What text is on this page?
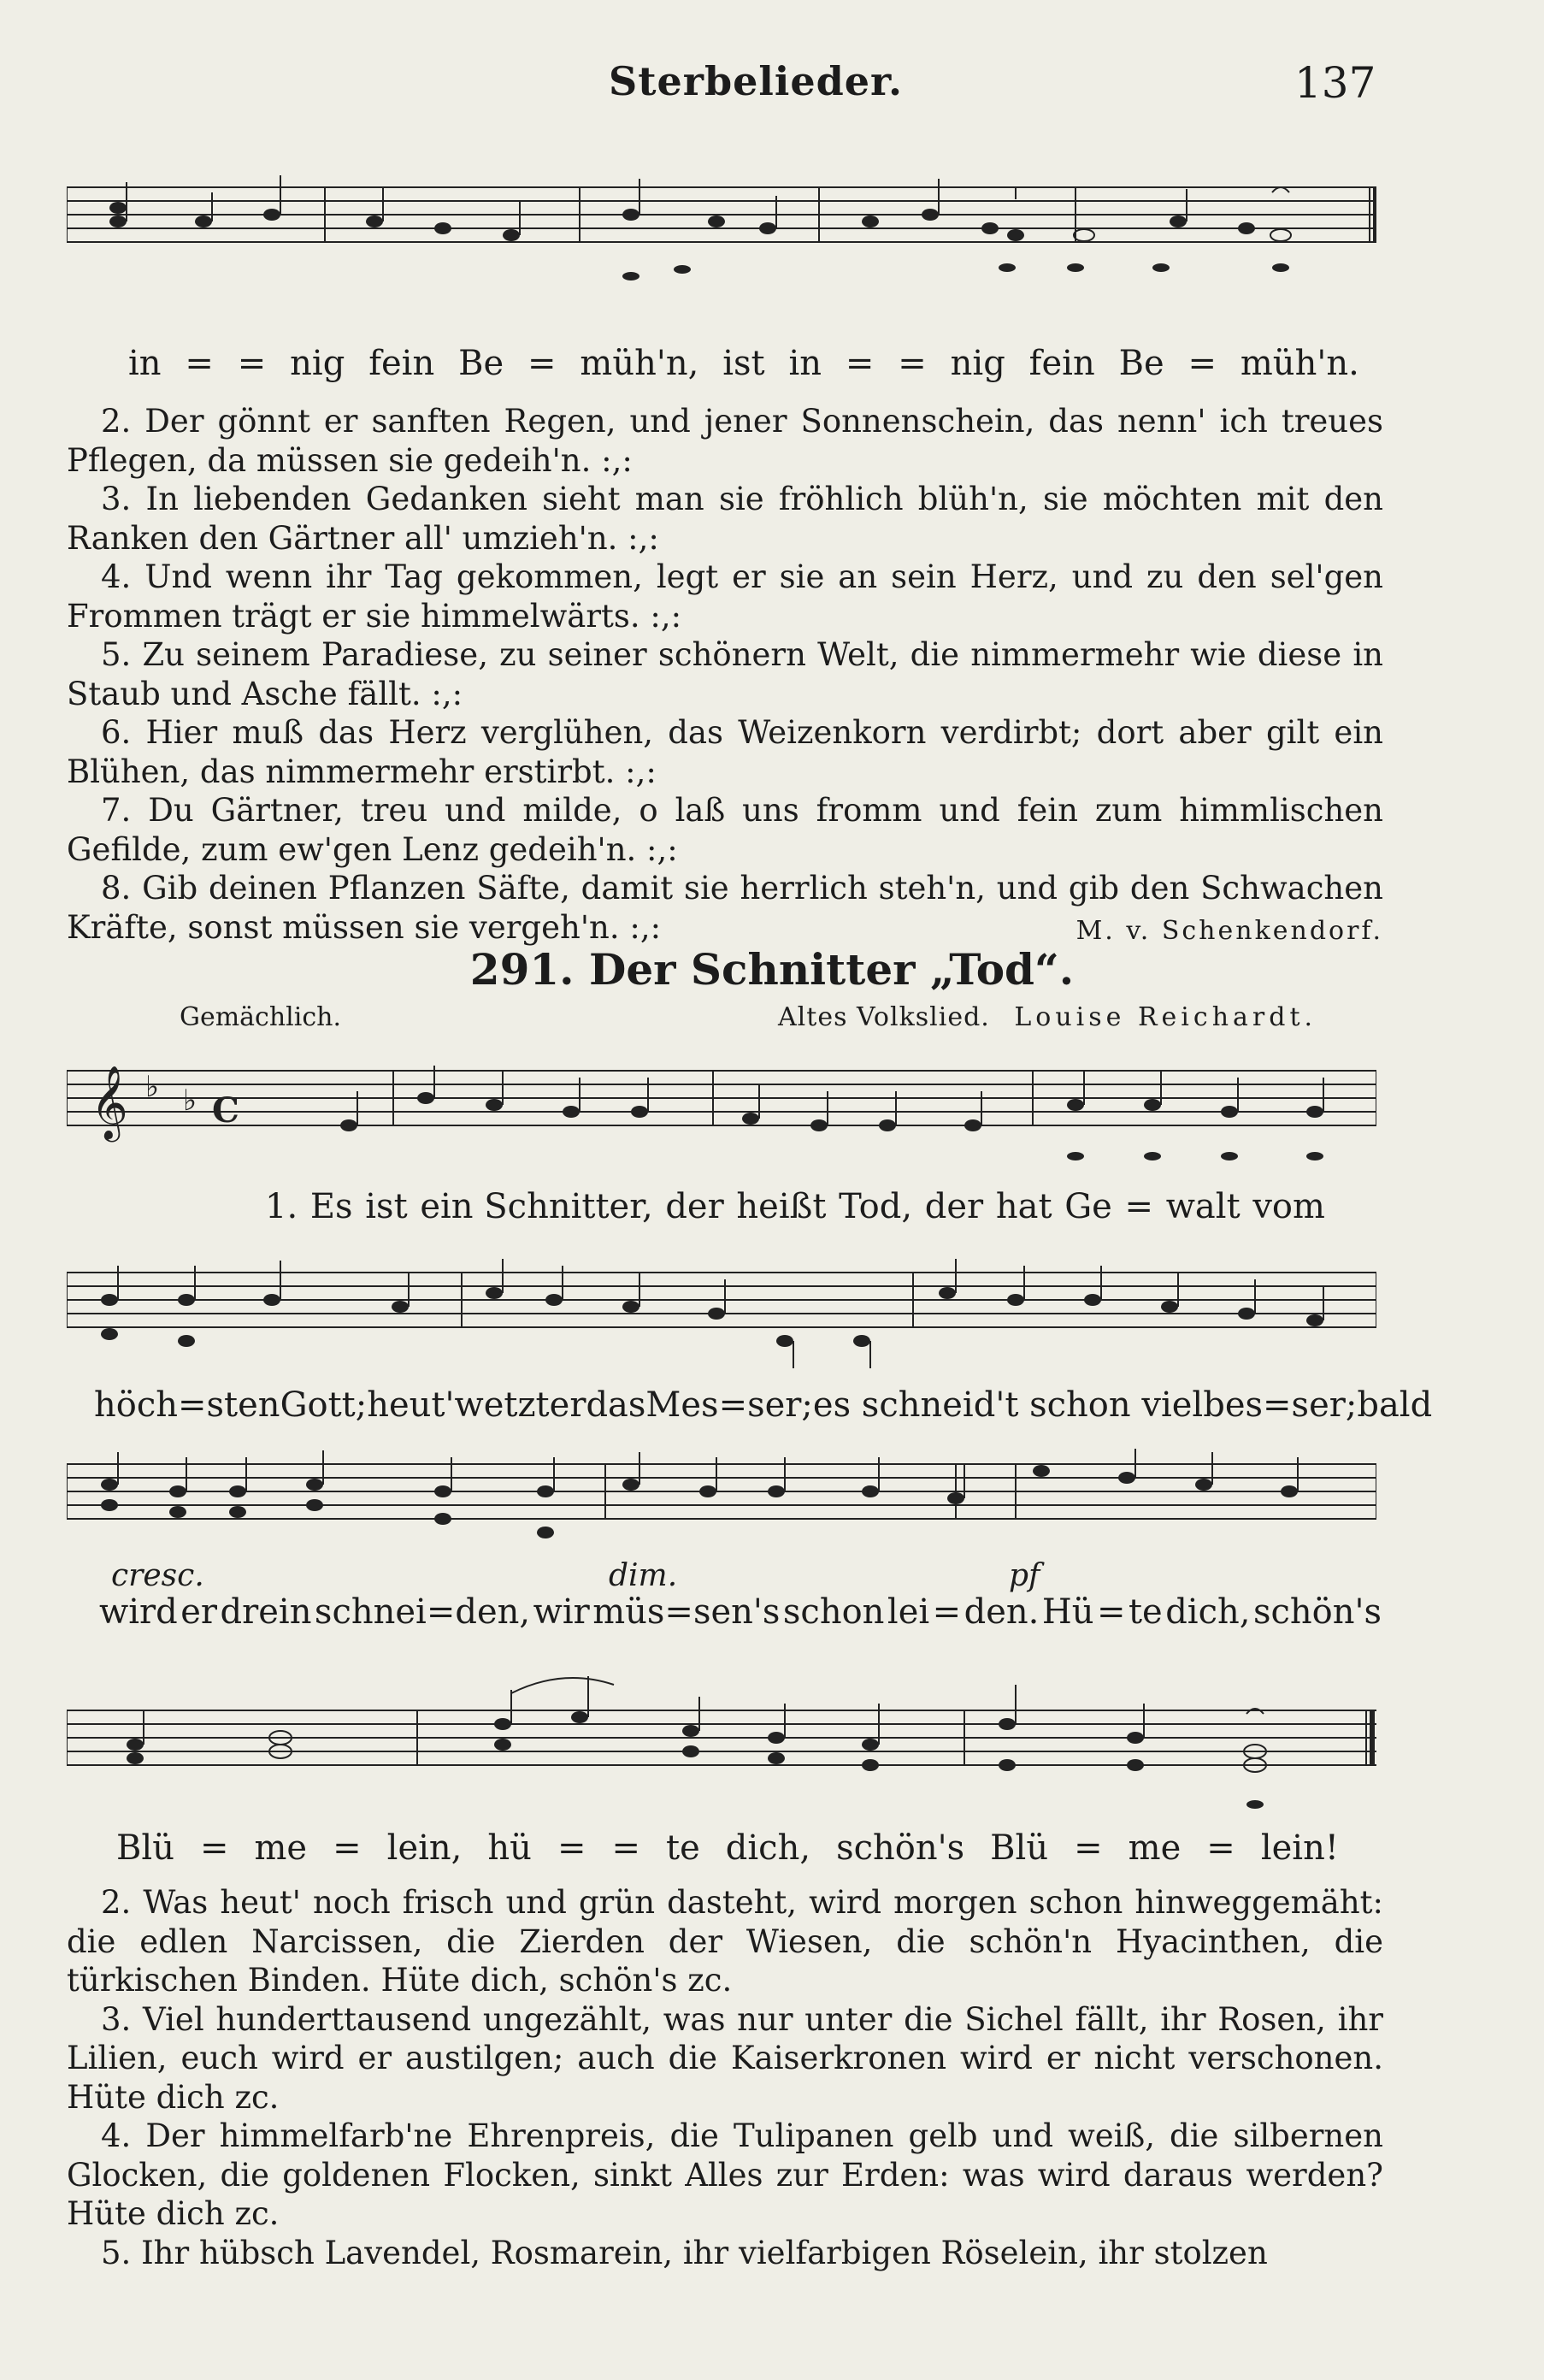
Sterbelieder.	137
in = = nig fein Be = müh'n, ist in = = nig fein Be = müh'n.

2. Der gönnt er sanften Regen, und jener Sonnenschein, das nenn' ich treues Pflegen, da müssen sie gedeih'n. :,:

3. In liebenden Gedanken sieht man sie fröhlich blüh'n, sie möchten mit den Ranken den Gärtner all' umzieh'n. :,:

4. Und wenn ihr Tag gekommen, legt er sie an sein Herz, und zu den sel'gen Frommen trägt er sie himmelwärts. :,:

5. Zu seinem Paradiese, zu seiner schönern Welt, die nimmermehr wie diese in Staub und Asche fällt. :,:

6. Hier muß das Herz verglühen, das Weizenkorn verdirbt; dort aber gilt ein Blühen, das nimmermehr erstirbt. :,:

7. Du Gärtner, treu und milde, o laß uns fromm und fein zum himmlischen Gefilde, zum ew'gen Lenz gedeih'n. :,:

8. Gib deinen Pflanzen Säfte, damit sie herrlich steh'n, und gib den Schwachen Kräfte, sonst müssen sie vergeh'n. :,:	M. v. Schenkendorf.

291. Der Schnitter „Tod“.
Gemächlich.	Altes Volkslied. Louise Reichardt.
𝄞 ♭ ♭ C
1. Es ist ein Schnitter, der heißt Tod, der hat Ge = walt vom
höch=sten Gott; heut' wetzt er das Mes=ser; es schneid't schon viel bes = ser; bald
cresc.	dim.	pf
wird er drein schnei=den, wir müs=sen's schon lei = den. Hü = te dich, schön's
Blü = me = lein, hü = = te dich, schön's Blü = me = lein!

2. Was heut' noch frisch und grün dasteht, wird morgen schon hinweggemäht: die edlen Narcissen, die Zierden der Wiesen, die schön'n Hyacinthen, die türkischen Binden. Hüte dich, schön's zc.

3. Viel hunderttausend ungezählt, was nur unter die Sichel fällt, ihr Rosen, ihr Lilien, euch wird er austilgen; auch die Kaiserkronen wird er nicht verschonen. Hüte dich zc.

4. Der himmelfarb'ne Ehrenpreis, die Tulipanen gelb und weiß, die silbernen Glocken, die goldenen Flocken, sinkt Alles zur Erden: was wird daraus werden? Hüte dich zc.

5. Ihr hübsch Lavendel, Rosmarein, ihr vielfarbigen Röselein, ihr stolzen
